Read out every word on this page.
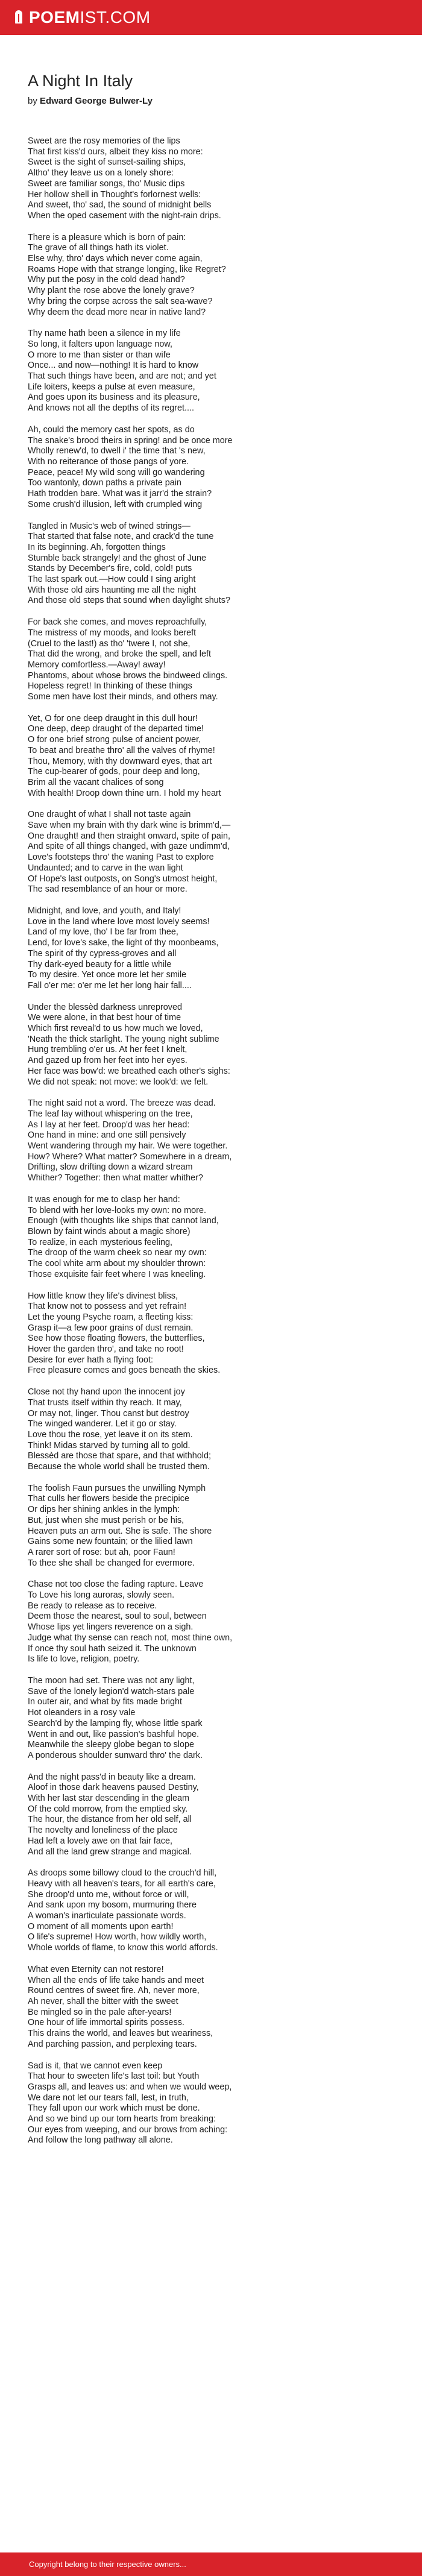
POEMIST.COM
A Night In Italy
by Edward George Bulwer-Ly

Sweet are the rosy memories of the lips
That first kiss'd ours, albeit they kiss no more:
Sweet is the sight of sunset-sailing ships,
Altho' they leave us on a lonely shore:
Sweet are familiar songs, tho' Music dips
Her hollow shell in Thought's forlornest wells:
And sweet, tho' sad, the sound of midnight bells
When the oped casement with the night-rain drips.

There is a pleasure which is born of pain:
The grave of all things hath its violet.
Else why, thro' days which never come again,
Roams Hope with that strange longing, like Regret?
Why put the posy in the cold dead hand?
Why plant the rose above the lonely grave?
Why bring the corpse across the salt sea-wave?
Why deem the dead more near in native land?

Thy name hath been a silence in my life
So long, it falters upon language now,
O more to me than sister or than wife
Once... and now—nothing! It is hard to know
That such things have been, and are not; and yet
Life loiters, keeps a pulse at even measure,
And goes upon its business and its pleasure,
And knows not all the depths of its regret....

Ah, could the memory cast her spots, as do
The snake's brood theirs in spring! and be once more
Wholly renew'd, to dwell i' the time that 's new,
With no reiterance of those pangs of yore.
Peace, peace! My wild song will go wandering
Too wantonly, down paths a private pain
Hath trodden bare. What was it jarr'd the strain?
Some crush'd illusion, left with crumpled wing

Tangled in Music's web of twined strings—
That started that false note, and crack'd the tune
In its beginning. Ah, forgotten things
Stumble back strangely! and the ghost of June
Stands by December's fire, cold, cold! puts
The last spark out.—How could I sing aright
With those old airs haunting me all the night
And those old steps that sound when daylight shuts?

For back she comes, and moves reproachfully,
The mistress of my moods, and looks bereft
(Cruel to the last!) as tho' 'twere I, not she,
That did the wrong, and broke the spell, and left
Memory comfortless.—Away! away!
Phantoms, about whose brows the bindweed clings.
Hopeless regret! In thinking of these things
Some men have lost their minds, and others may.

Yet, O for one deep draught in this dull hour!
One deep, deep draught of the departed time!
O for one brief strong pulse of ancient power,
To beat and breathe thro' all the valves of rhyme!
Thou, Memory, with thy downward eyes, that art
The cup-bearer of gods, pour deep and long,
Brim all the vacant chalices of song
With health! Droop down thine urn. I hold my heart

One draught of what I shall not taste again
Save when my brain with thy dark wine is brimm'd,—
One draught! and then straight onward, spite of pain,
And spite of all things changed, with gaze undimm'd,
Love's footsteps thro' the waning Past to explore
Undaunted; and to carve in the wan light
Of Hope's last outposts, on Song's utmost height,
The sad resemblance of an hour or more.

Midnight, and love, and youth, and Italy!
Love in the land where love most lovely seems!
Land of my love, tho' I be far from thee,
Lend, for love's sake, the light of thy moonbeams,
The spirit of thy cypress-groves and all
Thy dark-eyed beauty for a little while
To my desire. Yet once more let her smile
Fall o'er me: o'er me let her long hair fall....

Under the blessèd darkness unreproved
We were alone, in that best hour of time
Which first reveal'd to us how much we loved,
'Neath the thick starlight. The young night sublime
Hung trembling o'er us. At her feet I knelt,
And gazed up from her feet into her eyes.
Her face was bow'd: we breathed each other's sighs:
We did not speak: not move: we look'd: we felt.

The night said not a word. The breeze was dead.
The leaf lay without whispering on the tree,
As I lay at her feet. Droop'd was her head:
One hand in mine: and one still pensively
Went wandering through my hair. We were together.
How? Where? What matter? Somewhere in a dream,
Drifting, slow drifting down a wizard stream
Whither? Together: then what matter whither?

It was enough for me to clasp her hand:
To blend with her love-looks my own: no more.
Enough (with thoughts like ships that cannot land,
Blown by faint winds about a magic shore)
To realize, in each mysterious feeling,
The droop of the warm cheek so near my own:
The cool white arm about my shoulder thrown:
Those exquisite fair feet where I was kneeling.

How little know they life's divinest bliss,
That know not to possess and yet refrain!
Let the young Psyche roam, a fleeting kiss:
Grasp it—a few poor grains of dust remain.
See how those floating flowers, the butterflies,
Hover the garden thro', and take no root!
Desire for ever hath a flying foot:
Free pleasure comes and goes beneath the skies.

Close not thy hand upon the innocent joy
That trusts itself within thy reach. It may,
Or may not, linger. Thou canst but destroy
The winged wanderer. Let it go or stay.
Love thou the rose, yet leave it on its stem.
Think! Midas starved by turning all to gold.
Blessèd are those that spare, and that withhold;
Because the whole world shall be trusted them.

The foolish Faun pursues the unwilling Nymph
That culls her flowers beside the precipice
Or dips her shining ankles in the lymph:
But, just when she must perish or be his,
Heaven puts an arm out. She is safe. The shore
Gains some new fountain; or the lilied lawn
A rarer sort of rose: but ah, poor Faun!
To thee she shall be changed for evermore.

Chase not too close the fading rapture. Leave
To Love his long auroras, slowly seen.
Be ready to release as to receive.
Deem those the nearest, soul to soul, between
Whose lips yet lingers reverence on a sigh.
Judge what thy sense can reach not, most thine own,
If once thy soul hath seized it. The unknown
Is life to love, religion, poetry.

The moon had set. There was not any light,
Save of the lonely legion'd watch-stars pale
In outer air, and what by fits made bright
Hot oleanders in a rosy vale
Search'd by the lamping fly, whose little spark
Went in and out, like passion's bashful hope.
Meanwhile the sleepy globe began to slope
A ponderous shoulder sunward thro' the dark.

And the night pass'd in beauty like a dream.
Aloof in those dark heavens paused Destiny,
With her last star descending in the gleam
Of the cold morrow, from the emptied sky.
The hour, the distance from her old self, all
The novelty and loneliness of the place
Had left a lovely awe on that fair face,
And all the land grew strange and magical.

As droops some billowy cloud to the crouch'd hill,
Heavy with all heaven's tears, for all earth's care,
She droop'd unto me, without force or will,
And sank upon my bosom, murmuring there
A woman's inarticulate passionate words.
O moment of all moments upon earth!
O life's supreme! How worth, how wildly worth,
Whole worlds of flame, to know this world affords.

What even Eternity can not restore!
When all the ends of life take hands and meet
Round centres of sweet fire. Ah, never more,
Ah never, shall the bitter with the sweet
Be mingled so in the pale after-years!
One hour of life immortal spirits possess.
This drains the world, and leaves but weariness,
And parching passion, and perplexing tears.

Sad is it, that we cannot even keep
That hour to sweeten life's last toil: but Youth
Grasps all, and leaves us: and when we would weep,
We dare not let our tears fall, lest, in truth,
They fall upon our work which must be done.
And so we bind up our torn hearts from breaking:
Our eyes from weeping, and our brows from aching:
And follow the long pathway all alone.

Copyright belong to their respective owners...
